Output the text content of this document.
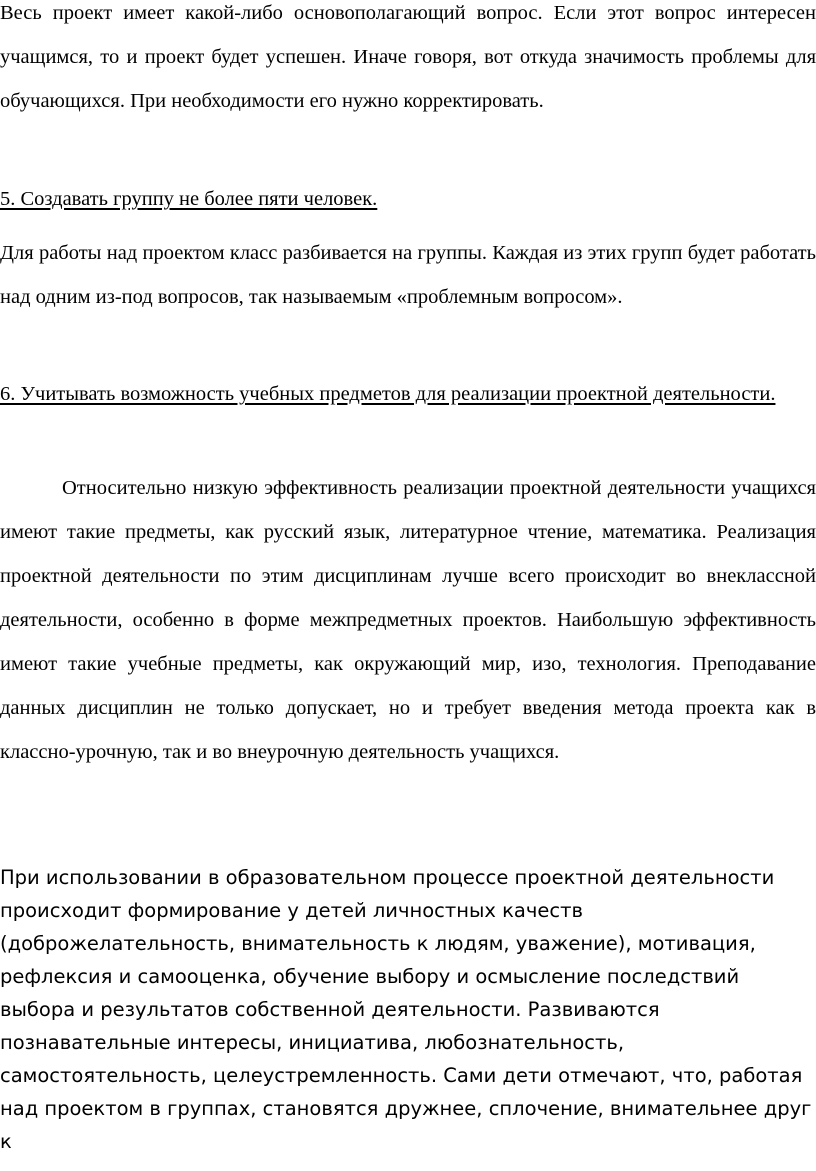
Весь проект имеет какой-либо основополагающий вопрос. Если этот вопрос интересен учащимся, то и проект будет успешен. Иначе говоря, вот откуда значимость проблемы для обучающихся. При необходимости его нужно корректировать.

5. Создавать группу не более пяти человек.

Для работы над проектом класс разбивается на группы. Каждая из этих групп будет работать над одним из-под вопросов, так называемым «проблемным вопросом».

6. Учитывать возможность учебных предметов для реализации проектной деятельности.

Относительно низкую эффективность реализации проектной деятельности учащихся имеют такие предметы, как русский язык, литературное чтение, математика. Реализация проектной деятельности по этим дисциплинам лучше всего происходит во внеклассной деятельности, особенно в форме межпредметных проектов. Наибольшую эффективность имеют такие учебные предметы, как окружающий мир, изо, технология. Преподавание данных дисциплин не только допускает, но и требует введения метода проекта как в классно-урочную, так и во внеурочную деятельность учащихся.

При использовании в образовательном процессе проектной деятельности
происходит формирование у детей личностных качеств
(доброжелательность, внимательность к людям, уважение), мотивация,
рефлексия и самооценка, обучение выбору и осмысление последствий
выбора и результатов собственной деятельности. Развиваются
познавательные интересы, инициатива, любознательность,
самостоятельность, целеустремленность. Сами дети отмечают, что, работая
над проектом в группах, становятся дружнее, сплочение, внимательнее друг
к
